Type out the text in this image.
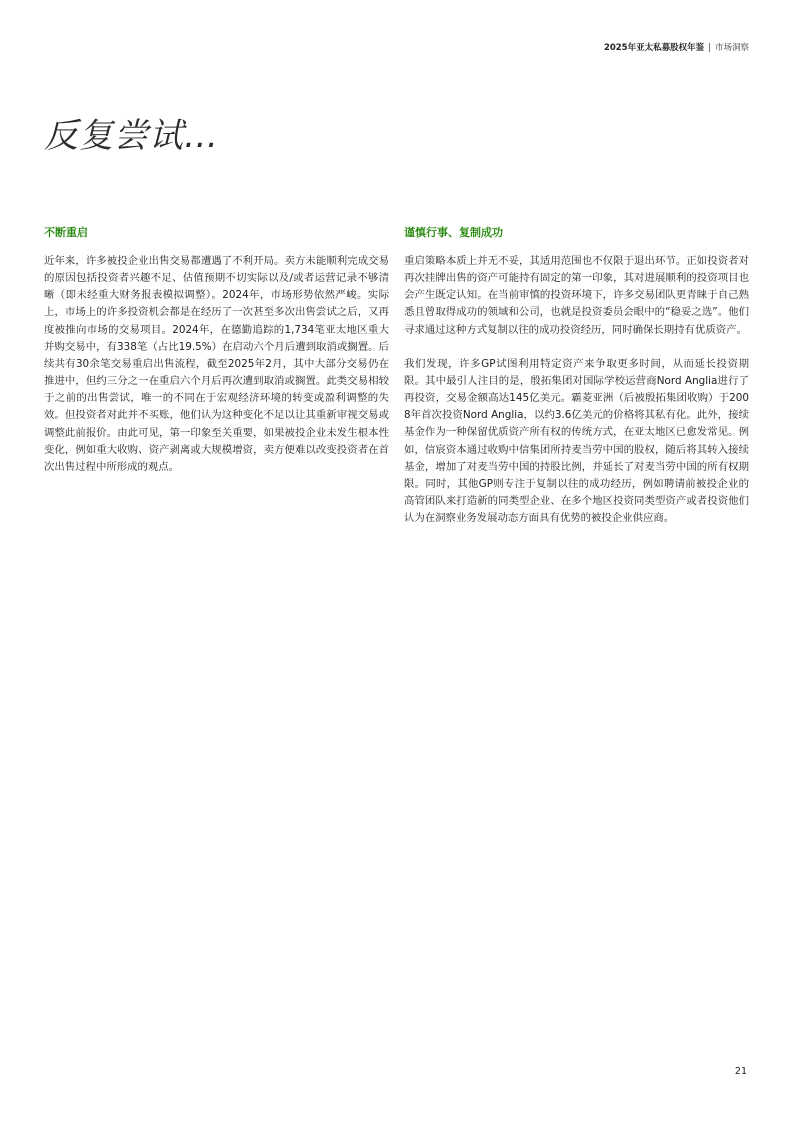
2025年亚太私募股权年鉴 | 市场洞察
反复尝试…
不断重启

近年来，许多被投企业出售交易都遭遇了不利开局。卖方未能顺利完成交易的原因包括投资者兴趣不足、估值预期不切实际以及/或者运营记录不够清晰（即未经重大财务报表模拟调整）。2024年，市场形势依然严峻。实际上，市场上的许多投资机会都是在经历了一次甚至多次出售尝试之后，又再度被推向市场的交易项目。2024年，在德勤追踪的1,734笔亚太地区重大并购交易中，有338笔（占比19.5%）在启动六个月后遭到取消或搁置。后续共有30余笔交易重启出售流程，截至2025年2月，其中大部分交易仍在推进中，但约三分之一在重启六个月后再次遭到取消或搁置。此类交易相较于之前的出售尝试，唯一的不同在于宏观经济环境的转变或盈利调整的失效。但投资者对此并不买账，他们认为这种变化不足以让其重新审视交易或调整此前报价。由此可见，第一印象至关重要，如果被投企业未发生根本性变化，例如重大收购、资产剥离或大规模增资，卖方便难以改变投资者在首次出售过程中所形成的观点。

谨慎行事、复制成功

重启策略本质上并无不妥，其适用范围也不仅限于退出环节。正如投资者对再次挂牌出售的资产可能持有固定的第一印象，其对进展顺利的投资项目也会产生既定认知。在当前审慎的投资环境下，许多交易团队更青睐于自己熟悉且曾取得成功的领域和公司，也就是投资委员会眼中的“稳妥之选”。他们寻求通过这种方式复制以往的成功投资经历，同时确保长期持有优质资产。

我们发现，许多GP试图利用特定资产来争取更多时间，从而延长投资期限。其中最引人注目的是，殷拓集团对国际学校运营商Nord Anglia进行了再投资，交易金额高达145亿美元。霸菱亚洲（后被殷拓集团收购）于2008年首次投资Nord Anglia，以约3.6亿美元的价格将其私有化。此外，接续基金作为一种保留优质资产所有权的传统方式，在亚太地区已愈发常见。例如，信宸资本通过收购中信集团所持麦当劳中国的股权，随后将其转入接续基金，增加了对麦当劳中国的持股比例，并延长了对麦当劳中国的所有权期限。同时，其他GP则专注于复制以往的成功经历，例如聘请前被投企业的高管团队来打造新的同类型企业、在多个地区投资同类型资产或者投资他们认为在洞察业务发展动态方面具有优势的被投企业供应商。

21
